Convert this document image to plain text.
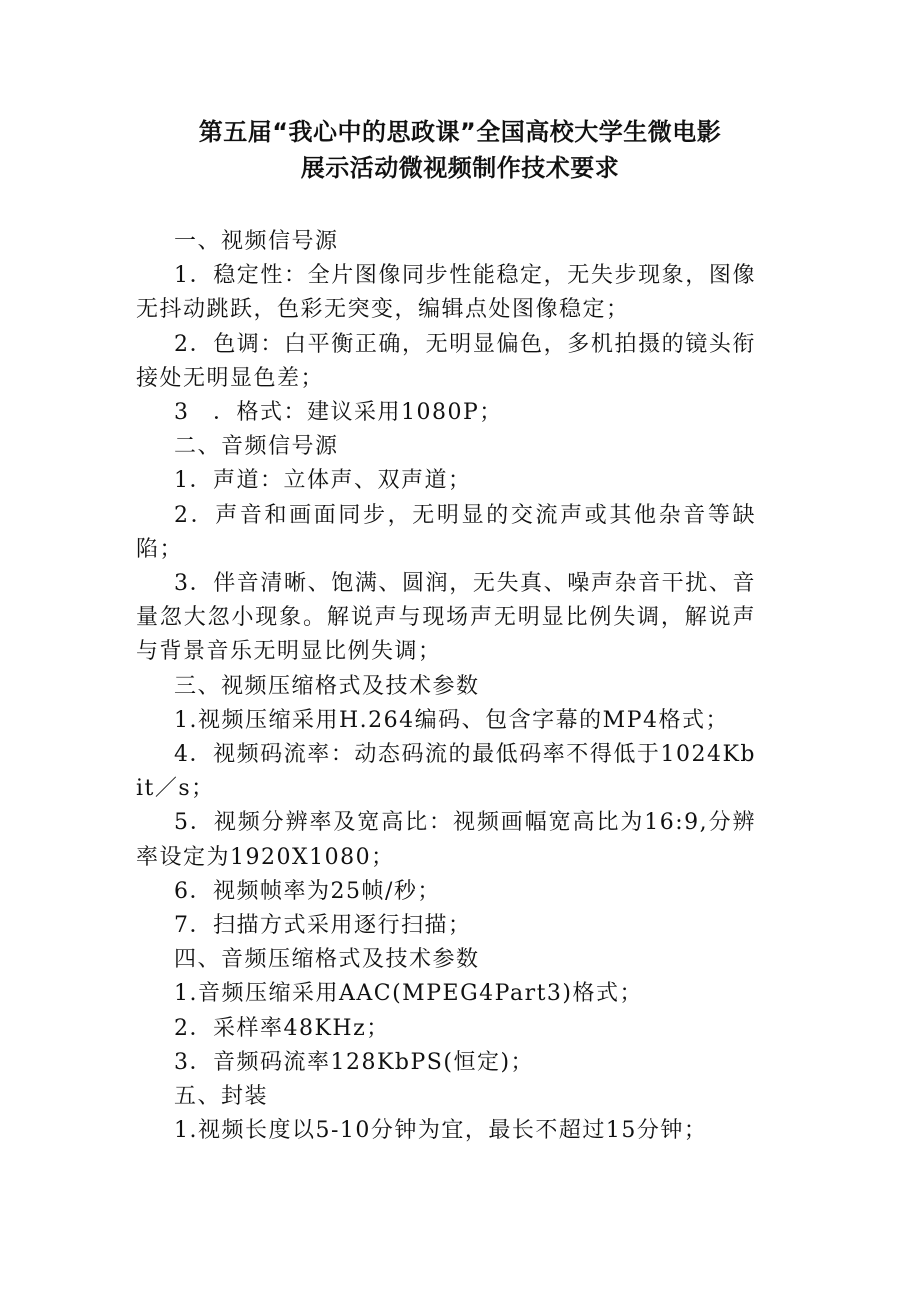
第五届“我心中的思政课”全国高校大学生微电影
展示活动微视频制作技术要求

一、视频信号源

1．稳定性：全片图像同步性能稳定，无失步现象，图像无抖动跳跃，色彩无突变，编辑点处图像稳定；

2．色调：白平衡正确，无明显偏色，多机拍摄的镜头衔接处无明显色差；

3　．格式：建议采用1080P；

二、音频信号源

1．声道：立体声、双声道；

2．声音和画面同步，无明显的交流声或其他杂音等缺陷；

3．伴音清晰、饱满、圆润，无失真、噪声杂音干扰、音量忽大忽小现象。解说声与现场声无明显比例失调，解说声与背景音乐无明显比例失调；

三、视频压缩格式及技术参数

1.视频压缩采用H.264编码、包含字幕的MP4格式；

4．视频码流率：动态码流的最低码率不得低于1024Kbit／s；

5．视频分辨率及宽高比：视频画幅宽高比为16:9,分辨率设定为1920X1080；

6．视频帧率为25帧/秒；

7．扫描方式采用逐行扫描；

四、音频压缩格式及技术参数

1.音频压缩采用AAC(MPEG4Part3)格式；

2．采样率48KHz；

3．音频码流率128KbPS(恒定)；

五、封装

1.视频长度以5-10分钟为宜，最长不超过15分钟；
